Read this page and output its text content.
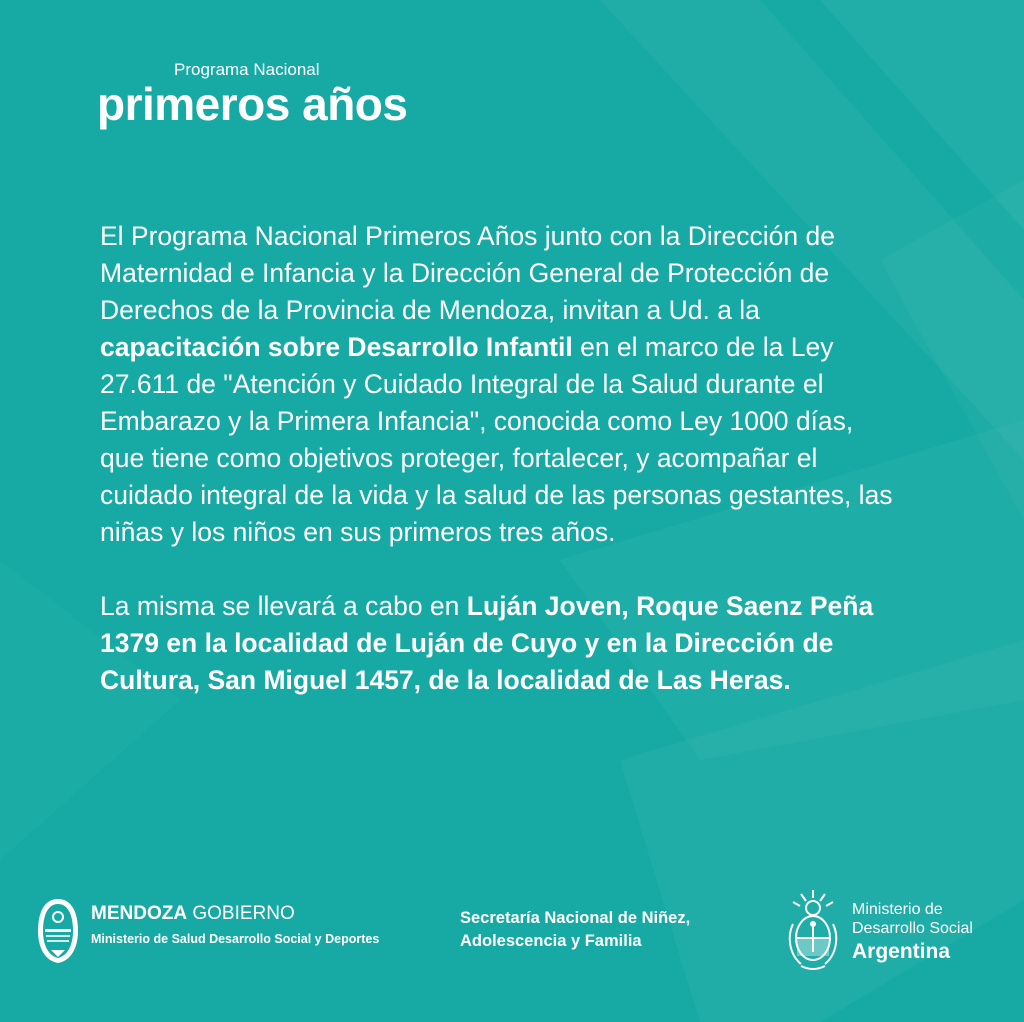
Programa Nacional
primeros años

El Programa Nacional Primeros Años junto con la Dirección de Maternidad e Infancia y la Dirección General de Protección de Derechos de la Provincia de Mendoza, invitan a Ud. a la capacitación sobre Desarrollo Infantil en el marco de la Ley 27.611 de "Atención y Cuidado Integral de la Salud durante el Embarazo y la Primera Infancia", conocida como Ley 1000 días, que tiene como objetivos proteger, fortalecer, y acompañar el cuidado integral de la vida y la salud de las personas gestantes, las niñas y los niños en sus primeros tres años.

La misma se llevará a cabo en Luján Joven, Roque Saenz Peña 1379 en la localidad de Luján de Cuyo y en la Dirección de Cultura, San Miguel 1457, de la localidad de Las Heras.

MENDOZA GOBIERNO
Ministerio de Salud Desarrollo Social y Deportes
Secretaría Nacional de Niñez,
Adolescencia y Familia
Ministerio de
Desarrollo Social
Argentina
